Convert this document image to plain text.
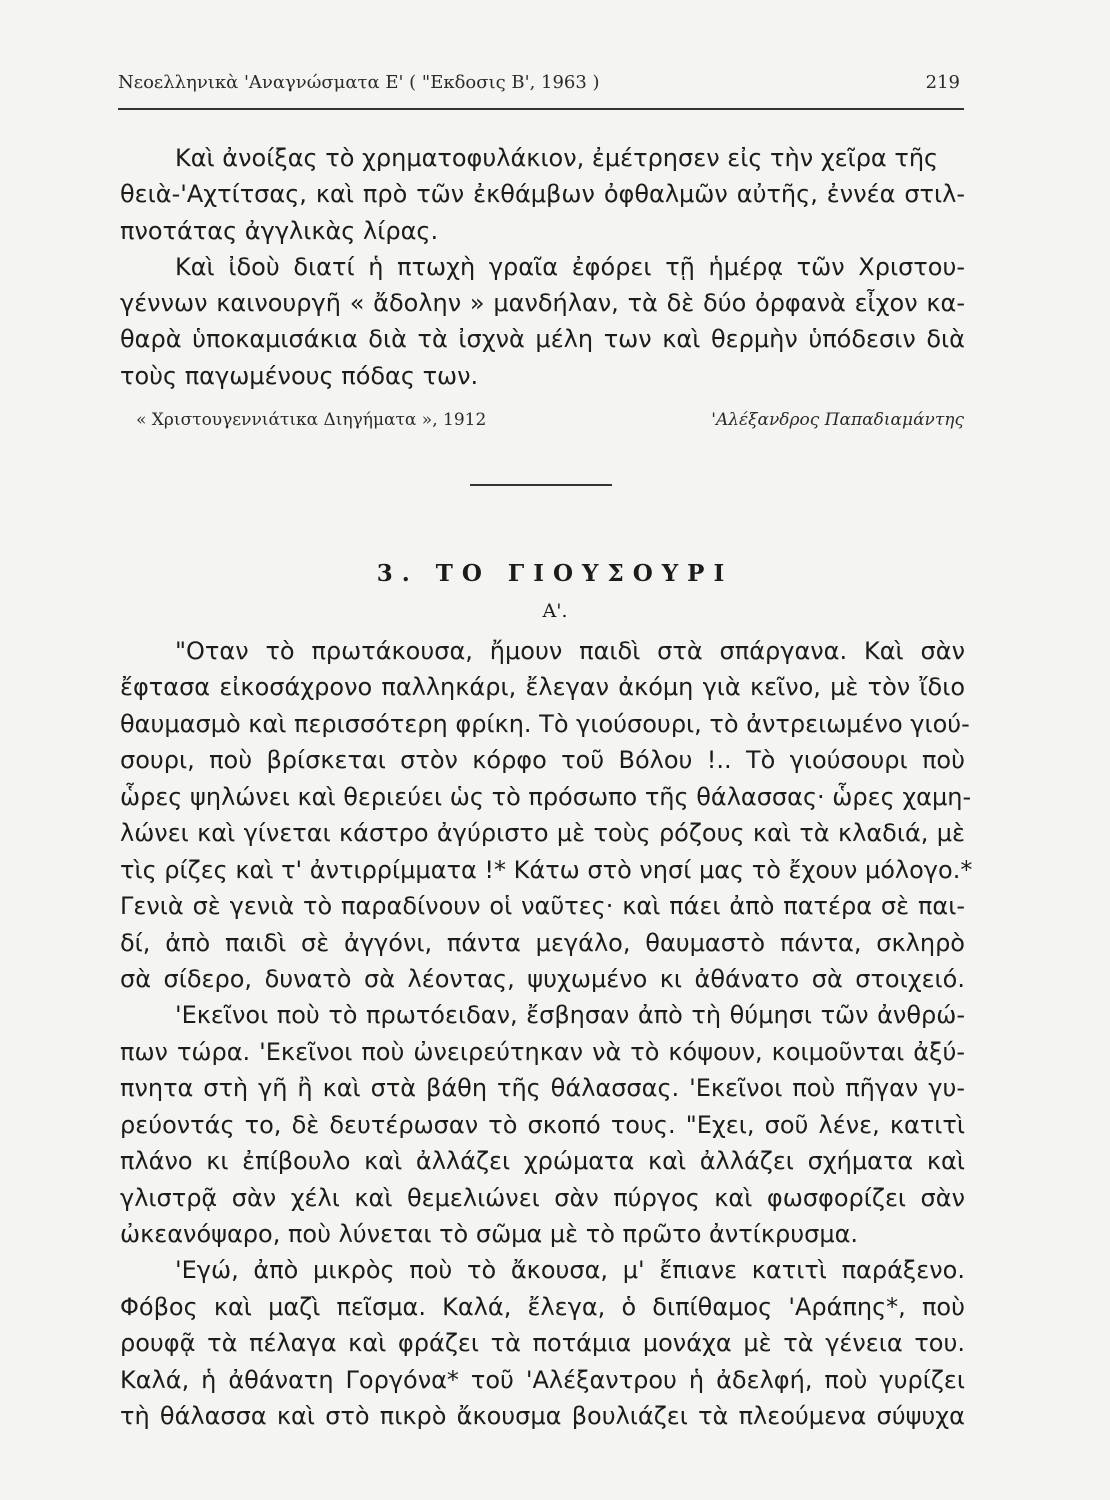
Νεοελληνικὰ 'Αναγνώσματα Ε' ( "Εκδοσις Β', 1963 )	219
Καὶ ἀνοίξας τὸ χρηματοφυλάκιον, ἐμέτρησεν εἰς τὴν χεῖρα τῆς
θειὰ-'Αχτίτσας, καὶ πρὸ τῶν ἐκθάμβων ὀφθαλμῶν αὐτῆς, ἐννέα στιλ-
πνοτάτας ἀγγλικὰς λίρας.
Καὶ ἰδοὺ διατί ἡ πτωχὴ γραῖα ἐφόρει τῇ ἡμέρᾳ τῶν Χριστου-
γέννων καινουργῆ « ἄδολην » μανδήλαν, τὰ δὲ δύο ὀρφανὰ εἶχον κα-
θαρὰ ὑποκαμισάκια διὰ τὰ ἰσχνὰ μέλη των καὶ θερμὴν ὑπόδεσιν διὰ
τοὺς παγωμένους πόδας των.
« Χριστουγεννιάτικα Διηγήματα », 1912	'Αλέξανδρος Παπαδιαμάντης
3. ΤΟ ΓΙΟΥΣΟΥΡΙ
Α'.
"Οταν τὸ πρωτάκουσα, ἤμουν παιδὶ στὰ σπάργανα. Καὶ σὰν
ἔφτασα εἰκοσάχρονο παλληκάρι, ἔλεγαν ἀκόμη γιὰ κεῖνο, μὲ τὸν ἴδιο
θαυμασμὸ καὶ περισσότερη φρίκη. Τὸ γιούσουρι, τὸ ἀντρειωμένο γιού-
σουρι, ποὺ βρίσκεται στὸν κόρφο τοῦ Βόλου !.. Τὸ γιούσουρι ποὺ
ὧρες ψηλώνει καὶ θεριεύει ὡς τὸ πρόσωπο τῆς θάλασσας· ὧρες χαμη-
λώνει καὶ γίνεται κάστρο ἀγύριστο μὲ τοὺς ρόζους καὶ τὰ κλαδιά, μὲ
τὶς ρίζες καὶ τ' ἀντιρρίμματα !* Κάτω στὸ νησί μας τὸ ἔχουν μόλογο.*
Γενιὰ σὲ γενιὰ τὸ παραδίνουν οἱ ναῦτες· καὶ πάει ἀπὸ πατέρα σὲ παι-
δί, ἀπὸ παιδὶ σὲ ἀγγόνι, πάντα μεγάλο, θαυμαστὸ πάντα, σκληρὸ
σὰ σίδερο, δυνατὸ σὰ λέοντας, ψυχωμένο κι ἀθάνατο σὰ στοιχειό.
'Εκεῖνοι ποὺ τὸ πρωτόειδαν, ἔσβησαν ἀπὸ τὴ θύμησι τῶν ἀνθρώ-
πων τώρα. 'Εκεῖνοι ποὺ ὠνειρεύτηκαν νὰ τὸ κόψουν, κοιμοῦνται ἀξύ-
πνητα στὴ γῆ ἢ καὶ στὰ βάθη τῆς θάλασσας. 'Εκεῖνοι ποὺ πῆγαν γυ-
ρεύοντάς το, δὲ δευτέρωσαν τὸ σκοπό τους. "Εχει, σοῦ λένε, κατιτὶ
πλάνο κι ἐπίβουλο καὶ ἀλλάζει χρώματα καὶ ἀλλάζει σχήματα καὶ
γλιστρᾷ σὰν χέλι καὶ θεμελιώνει σὰν πύργος καὶ φωσφορίζει σὰν
ὠκεανόψαρο, ποὺ λύνεται τὸ σῶμα μὲ τὸ πρῶτο ἀντίκρυσμα.
'Εγώ, ἀπὸ μικρὸς ποὺ τὸ ἄκουσα, μ' ἔπιανε κατιτὶ παράξενο.
Φόβος καὶ μαζὶ πεῖσμα. Καλά, ἔλεγα, ὁ διπίθαμος 'Αράπης*, ποὺ
ρουφᾷ τὰ πέλαγα καὶ φράζει τὰ ποτάμια μονάχα μὲ τὰ γένεια του.
Καλά, ἡ ἀθάνατη Γοργόνα* τοῦ 'Αλέξαντρου ἡ ἀδελφή, ποὺ γυρίζει
τὴ θάλασσα καὶ στὸ πικρὸ ἄκουσμα βουλιάζει τὰ πλεούμενα σύψυχα
